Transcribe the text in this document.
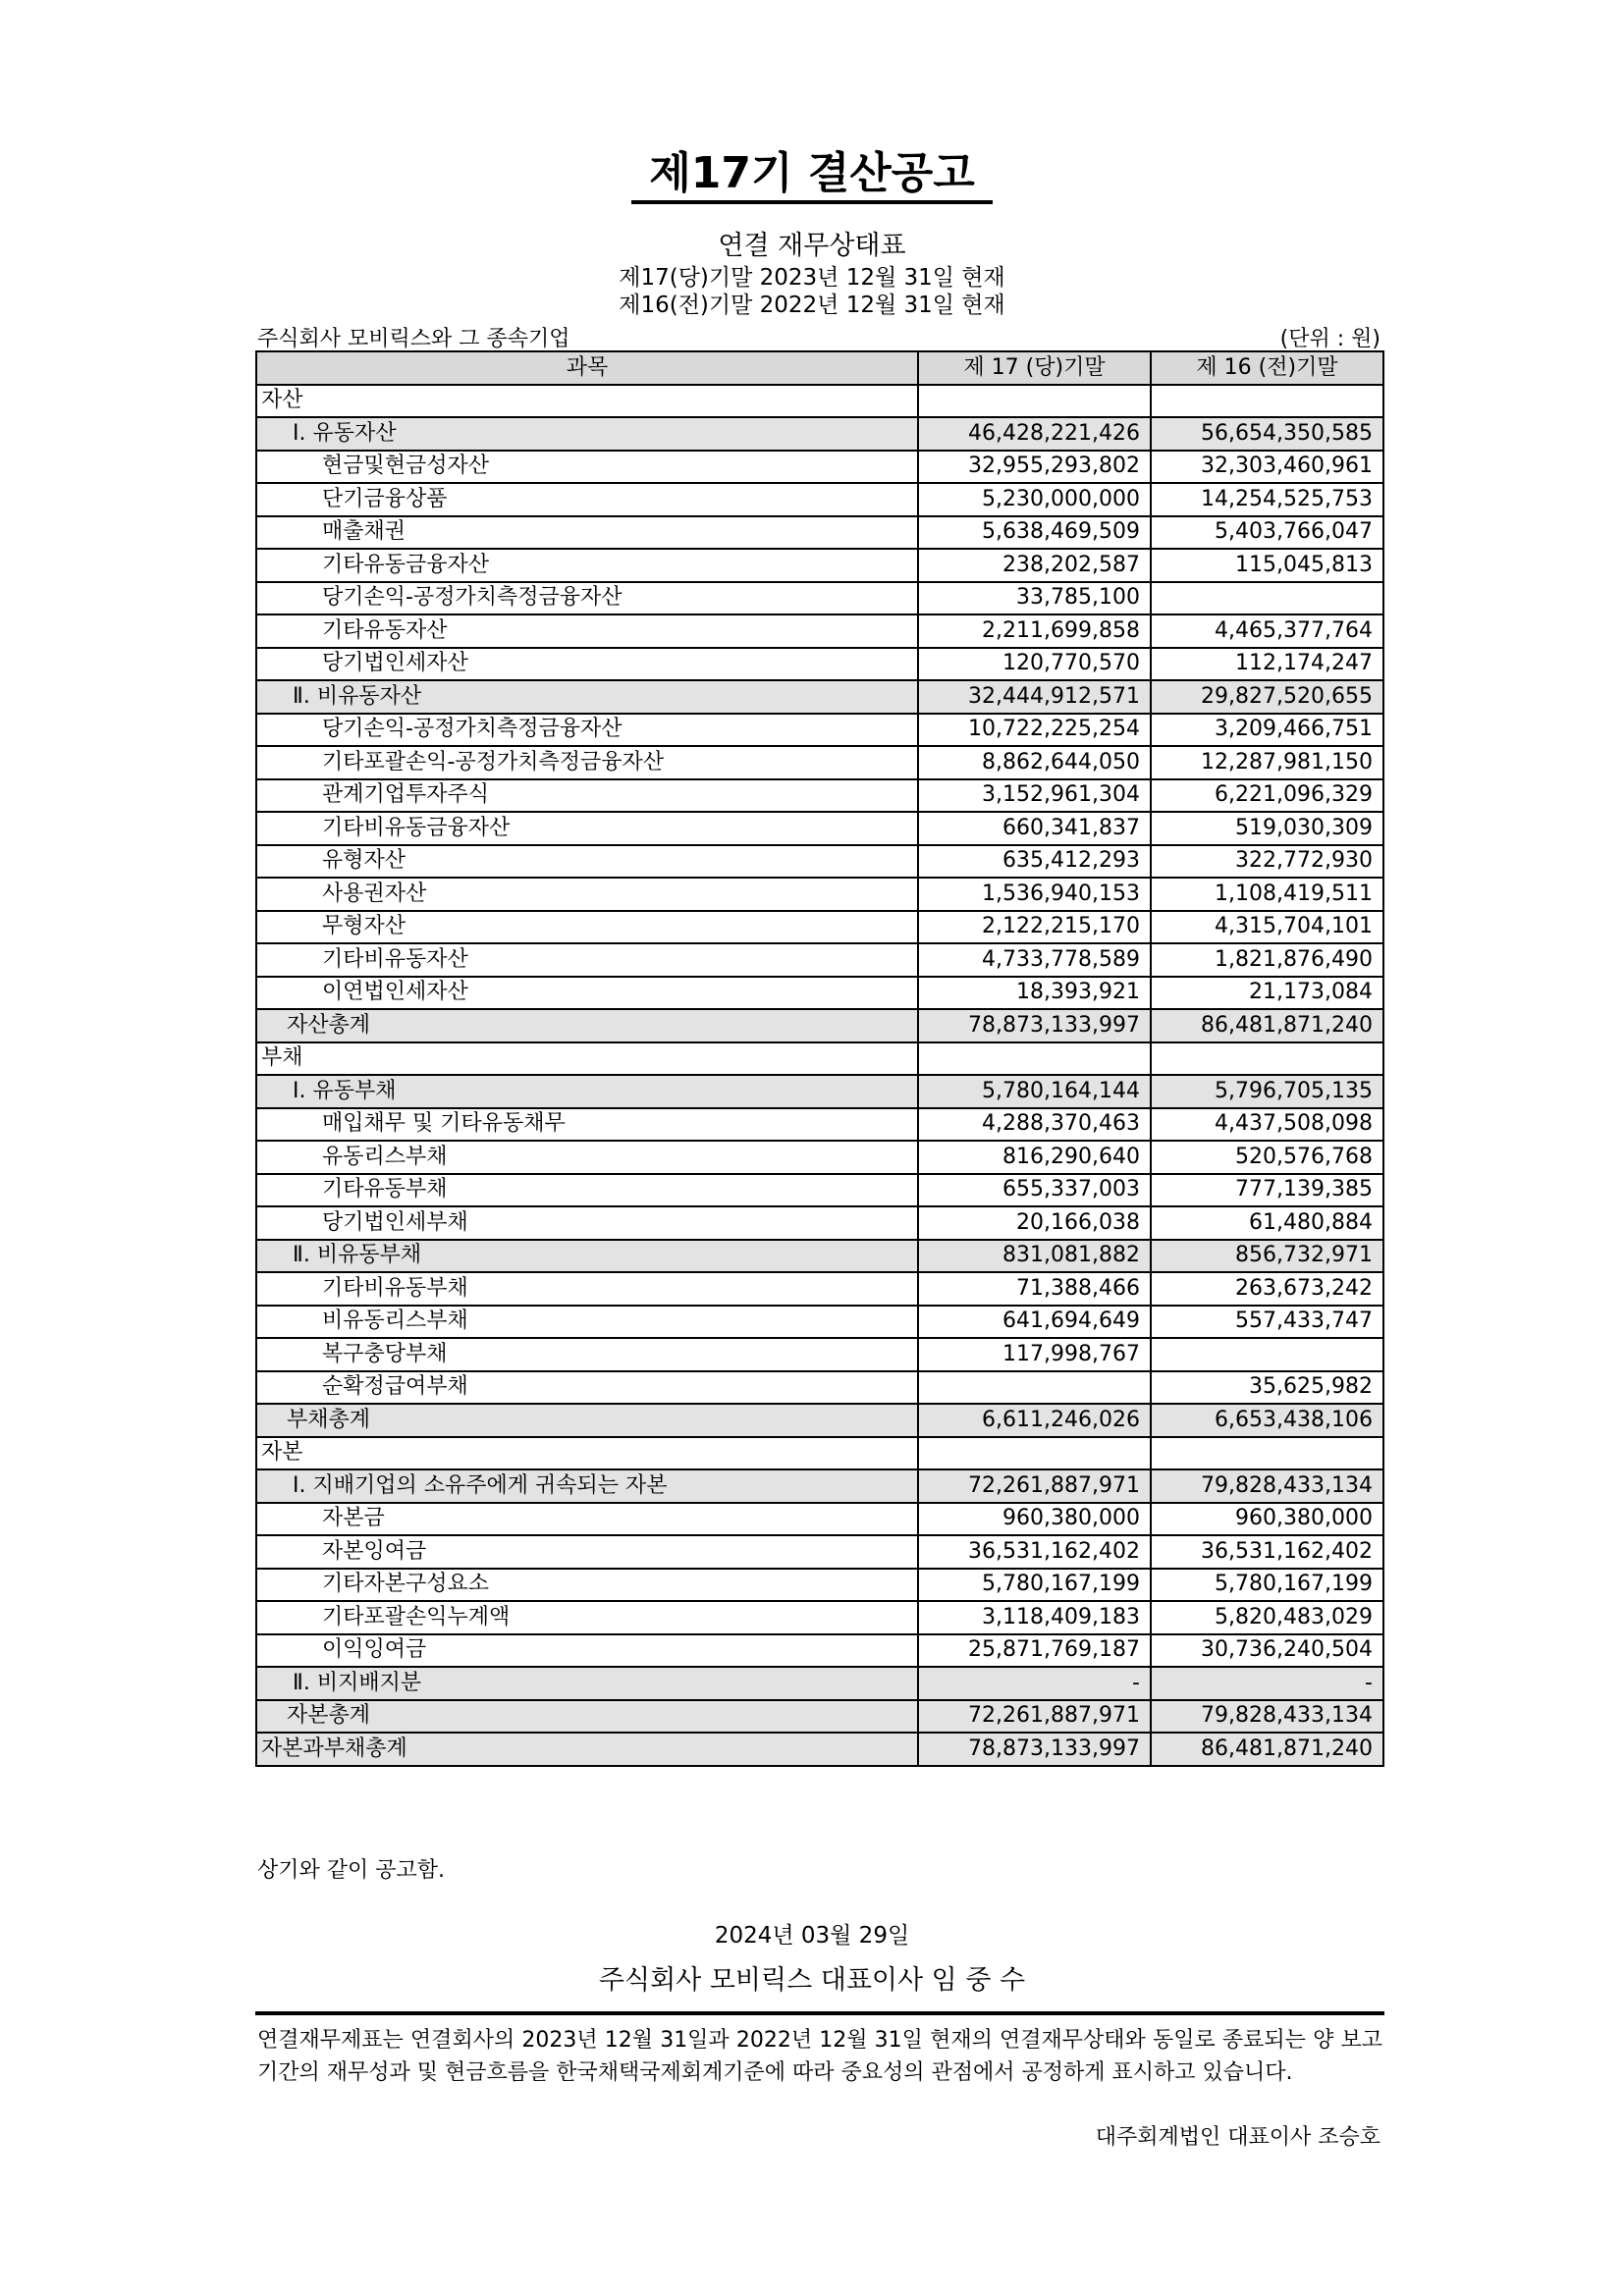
제17기 결산공고
연결 재무상태표
제17(당)기말 2023년 12월 31일 현재
제16(전)기말 2022년 12월 31일 현재
주식회사 모비릭스와 그 종속기업	(단위 : 원)
과목	제 17 (당)기말	제 16 (전)기말
자산		
Ⅰ. 유동자산	46,428,221,426	56,654,350,585
현금및현금성자산	32,955,293,802	32,303,460,961
단기금융상품	5,230,000,000	14,254,525,753
매출채권	5,638,469,509	5,403,766,047
기타유동금융자산	238,202,587	115,045,813
당기손익-공정가치측정금융자산	33,785,100	
기타유동자산	2,211,699,858	4,465,377,764
당기법인세자산	120,770,570	112,174,247
Ⅱ. 비유동자산	32,444,912,571	29,827,520,655
당기손익-공정가치측정금융자산	10,722,225,254	3,209,466,751
기타포괄손익-공정가치측정금융자산	8,862,644,050	12,287,981,150
관계기업투자주식	3,152,961,304	6,221,096,329
기타비유동금융자산	660,341,837	519,030,309
유형자산	635,412,293	322,772,930
사용권자산	1,536,940,153	1,108,419,511
무형자산	2,122,215,170	4,315,704,101
기타비유동자산	4,733,778,589	1,821,876,490
이연법인세자산	18,393,921	21,173,084
자산총계	78,873,133,997	86,481,871,240
부채		
Ⅰ. 유동부채	5,780,164,144	5,796,705,135
매입채무 및 기타유동채무	4,288,370,463	4,437,508,098
유동리스부채	816,290,640	520,576,768
기타유동부채	655,337,003	777,139,385
당기법인세부채	20,166,038	61,480,884
Ⅱ. 비유동부채	831,081,882	856,732,971
기타비유동부채	71,388,466	263,673,242
비유동리스부채	641,694,649	557,433,747
복구충당부채	117,998,767	
순확정급여부채		35,625,982
부채총계	6,611,246,026	6,653,438,106
자본		
Ⅰ. 지배기업의 소유주에게 귀속되는 자본	72,261,887,971	79,828,433,134
자본금	960,380,000	960,380,000
자본잉여금	36,531,162,402	36,531,162,402
기타자본구성요소	5,780,167,199	5,780,167,199
기타포괄손익누계액	3,118,409,183	5,820,483,029
이익잉여금	25,871,769,187	30,736,240,504
Ⅱ. 비지배지분	-	-
자본총계	72,261,887,971	79,828,433,134
자본과부채총계	78,873,133,997	86,481,871,240
상기와 같이 공고함.
2024년 03월 29일
주식회사 모비릭스 대표이사 임 중 수
연결재무제표는 연결회사의 2023년 12월 31일과 2022년 12월 31일 현재의 연결재무상태와 동일로 종료되는 양 보고기간의 재무성과 및 현금흐름을 한국채택국제회계기준에 따라 중요성의 관점에서 공정하게 표시하고 있습니다.
대주회계법인 대표이사 조승호
